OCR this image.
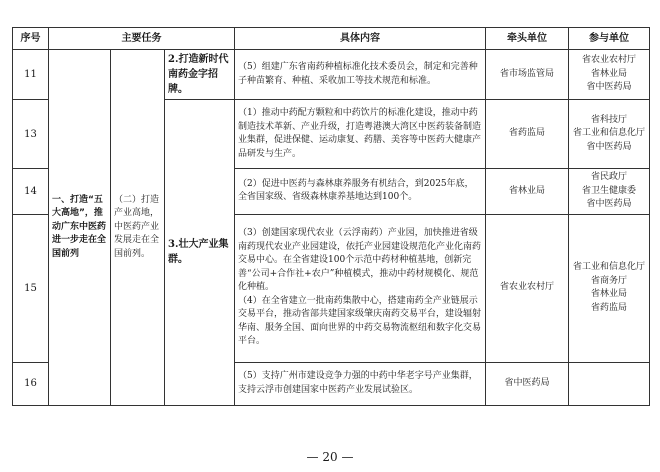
序号	主要任务			具体内容	牵头单位	参与单位
11	一、打造“五大高地”，推动广东中医药进一步走在全国前列	（二）打造产业高地，中医药产业发展走在全国前列。	2.打造新时代南药金字招牌。	（5）组建广东省南药种植标准化技术委员会，制定和完善种子种苗繁育、种植、采收加工等技术规范和标准。	省市场监管局	省农业农村厅
省林业局
省中医药局
13			3.壮大产业集群。	（1）推动中药配方颗粒和中药饮片的标准化建设，推动中药制造技术革新、产业升级，打造粤港澳大湾区中医药装备制造业集群，促进保健、运动康复、药膳、美容等中医药大健康产品研发与生产。	省药监局	省科技厅
省工业和信息化厅
省中医药局
14				（2）促进中医药与森林康养服务有机结合，到2025年底，全省国家级、省级森林康养基地达到100个。	省林业局	省民政厅
省卫生健康委
省中医药局
15				（3）创建国家现代农业（云浮南药）产业园，加快推进省级南药现代农业产业园建设，依托产业园建设规范化产业化南药交易中心。在全省建设100个示范中药材种植基地，创新完善“公司+合作社+农户”种植模式，推动中药材规模化、规范化种植。
（4）在全省建立一批南药集散中心，搭建南药全产业链展示交易平台，推动省部共建国家级肇庆南药交易平台，建设辐射华南、服务全国、面向世界的中药交易物流枢纽和数字化交易平台。	省农业农村厅	省工业和信息化厅
省商务厅
省林业局
省药监局
16				（5）支持广州市建设竞争力强的中药中华老字号产业集群，支持云浮市创建国家中医药产业发展试验区。	省中医药局	
— 20 —
